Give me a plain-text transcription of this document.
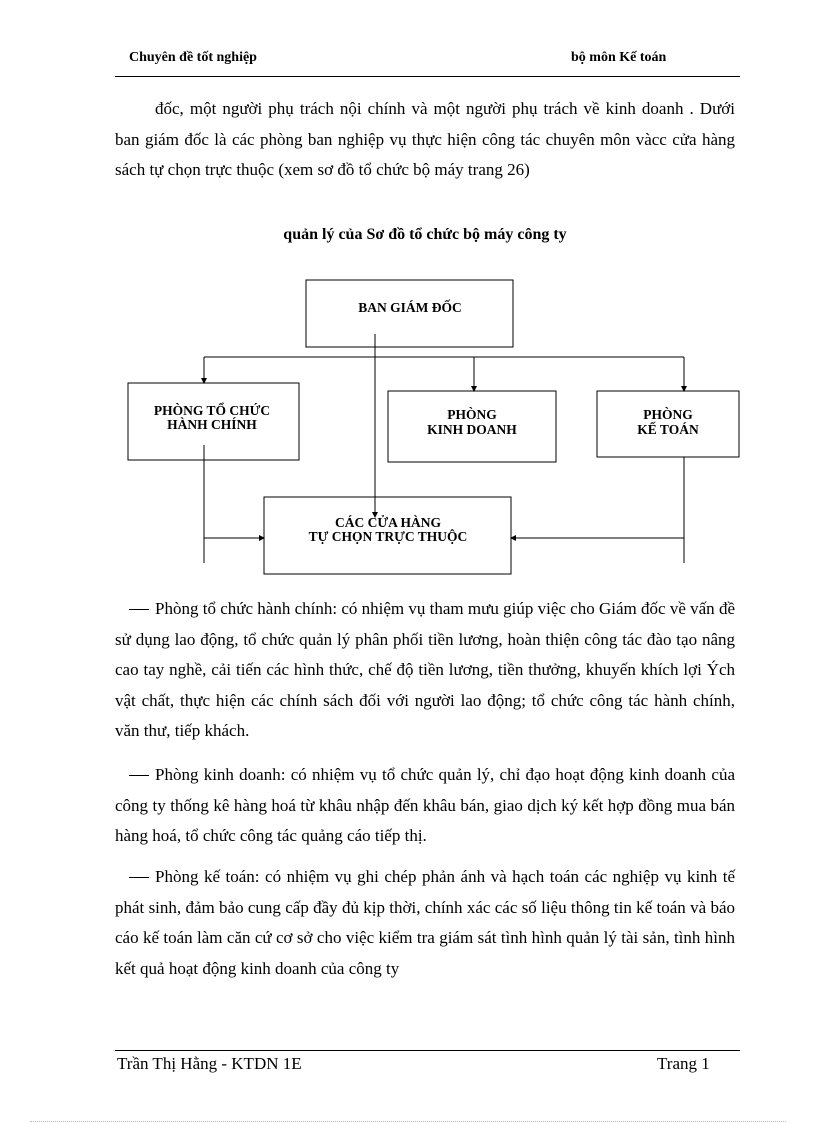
Chuyên đề tốt nghiệp	bộ môn Kế toán

đốc, một người phụ trách nội chính và một người phụ trách về kinh doanh . Dưới ban giám đốc là các phòng ban nghiệp vụ thực hiện công tác chuyên môn vàcc cửa hàng sách tự chọn trực thuộc (xem sơ đồ tổ chức bộ máy trang 26)

quản lý của Sơ đồ tổ chức bộ máy công ty
BAN GIÁM ĐỐC
PHÒNG TỔ CHỨC
HÀNH CHÍNH
PHÒNG
KINH DOANH
PHÒNG
KẾ TOÁN
CÁC CỬA HÀNG
TỰ CHỌN TRỰC THUỘC

Phòng tổ chức hành chính: có nhiệm vụ tham mưu giúp việc cho Giám đốc về vấn đề sử dụng lao động, tổ chức quản lý phân phối tiền lương, hoàn thiện công tác đào tạo nâng cao tay nghề, cải tiến các hình thức, chế độ tiền lương, tiền thưởng, khuyến khích lợi Ých vật chất, thực hiện các chính sách đối với người lao động; tổ chức công tác hành chính, văn thư, tiếp khách.

Phòng kinh doanh: có nhiệm vụ tổ chức quản lý, chỉ đạo hoạt động kinh doanh của công ty thống kê hàng hoá từ khâu nhập đến khâu bán, giao dịch ký kết hợp đồng mua bán hàng hoá, tổ chức công tác quảng cáo tiếp thị.

Phòng kế toán: có nhiệm vụ ghi chép phản ánh và hạch toán các nghiệp vụ kinh tế phát sinh, đảm bảo cung cấp đầy đủ kịp thời, chính xác các số liệu thông tin kế toán và báo cáo kế toán làm căn cứ cơ sở cho việc kiểm tra giám sát tình hình quản lý tài sản, tình hình kết quả hoạt động kinh doanh của công ty

Trần Thị Hằng - KTDN 1E	Trang 1
